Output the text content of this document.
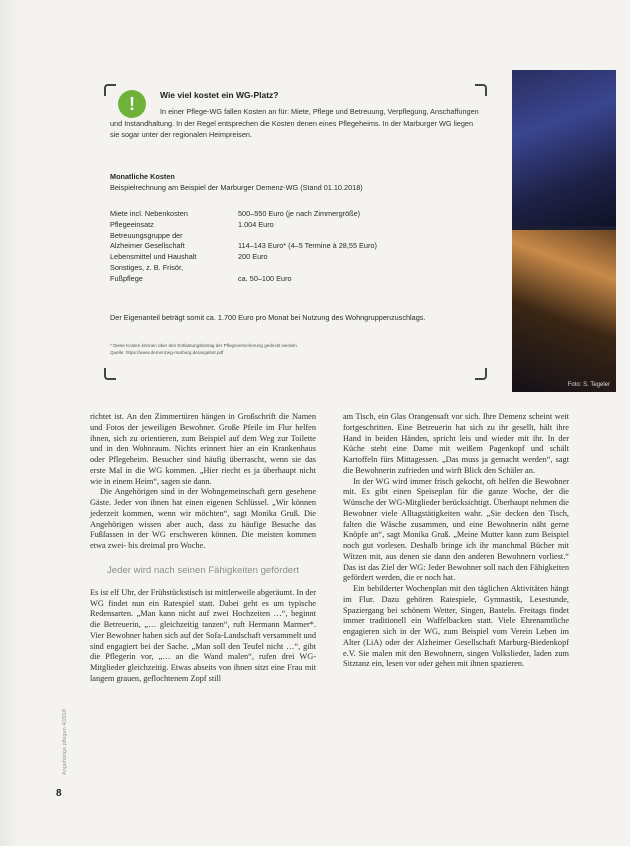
Foto: S. Tegeler
!	Wie viel kostet ein WG-Platz?
In einer Pflege-WG fallen Kosten an für: Miete, Pflege und Betreuung, Verpflegung, Anschaffungen und Instandhaltung. In der Regel entsprechen die Kosten denen eines Pflegeheims. In der Marburger WG liegen sie sogar unter der regionalen Heimpreisen.
Monatliche Kosten
Beispielrechnung am Beispiel der Marburger Demenz-WG (Stand 01.10.2018)
Miete incl. Nebenkosten	500–550 Euro (je nach Zimmergröße)
Pflegeeinsatz	1.004 Euro
Betreuungsgruppe der
Alzheimer Gesellschaft	114–143 Euro* (4–5 Termine à 28,55 Euro)
Lebensmittel und Haushalt	200 Euro
Sonstiges, z. B. Frisör,
Fußpflege	ca. 50–100 Euro
Der Eigenanteil beträgt somit ca. 1.700 Euro pro Monat bei Nutzung des Wohngruppenzuschlags.
* Diese Kosten können über den Entlastungsbetrag der Pflegeversicherung gedeckt werden.
Quelle: https://www.demenzwg-marburg.de/angebot.pdf

richtet ist. An den Zimmertüren hängen in Großschrift die Namen und Fotos der jeweiligen Bewohner. Große Pfeile im Flur helfen ihnen, sich zu orientieren, zum Beispiel auf dem Weg zur Toilette und in den Wohnraum. Nichts erinnert hier an ein Krankenhaus oder Pflegeheim. Besucher sind häufig überrascht, wenn sie das erste Mal in die WG kommen. „Hier riecht es ja überhaupt nicht wie in einem Heim“, sagen sie dann.

Die Angehörigen sind in der Wohngemeinschaft gern gesehene Gäste. Jeder von ihnen hat einen eigenen Schlüssel. „Wir können jederzeit kommen, wenn wir möchten“, sagt Monika Gruß. Die Angehörigen wissen aber auch, dass zu häufige Besuche das Fußfassen in der WG erschweren können. Die meisten kommen etwa zwei- bis dreimal pro Woche.

Jeder wird nach seinen Fähigkeiten gefördert

Es ist elf Uhr, der Frühstückstisch ist mittlerweile abgeräumt. In der WG findet nun ein Ratespiel statt. Dabei geht es um typische Redensarten. „Man kann nicht auf zwei Hochzeiten …“, beginnt die Betreuerin, „… gleichzeitig tanzen“, ruft Hermann Marmer*. Vier Bewohner haben sich auf der Sofa-Landschaft versammelt und sind engagiert bei der Sache. „Man soll den Teufel nicht …“, gibt die Pflegerin vor, „… an die Wand malen“, rufen drei WG-Mitglieder gleichzeitig. Etwas abseits von ihnen sitzt eine Frau mit langem grauen, geflochtenem Zopf still

am Tisch, ein Glas Orangensaft vor sich. Ihre Demenz scheint weit fortgeschritten. Eine Betreuerin hat sich zu ihr gesellt, hält ihre Hand in beiden Händen, spricht leis und wieder mit ihr. In der Küche steht eine Dame mit weißem Pagenkopf und schält Kartoffeln fürs Mittagessen. „Das muss ja gemacht werden“, sagt die Bewohnerin zufrieden und wirft Blick den Schäler an.

In der WG wird immer frisch gekocht, oft helfen die Bewohner mit. Es gibt einen Speiseplan für die ganze Woche, der die Wünsche der WG-Mitglieder berücksichtigt. Überhaupt nehmen die Bewohner viele Alltagstätigkeiten wahr. „Sie decken den Tisch, falten die Wäsche zusammen, und eine Bewohnerin näht gerne Knöpfe an“, sagt Monika Gruß. „Meine Mutter kann zum Beispiel noch gut vorlesen. Deshalb bringe ich ihr manchmal Bücher mit Witzen mit, aus denen sie dann den anderen Bewohnern vorliest.“ Das ist das Ziel der WG: Jeder Bewohner soll nach den Fähigkeiten gefördert werden, die er noch hat.

Ein bebilderter Wochenplan mit den täglichen Aktivitäten hängt im Flur. Dazu gehören Ratespiele, Gymnastik, Lesestunde, Spaziergang bei schönem Wetter, Singen, Basteln. Freitags findet immer traditionell ein Waffelbacken statt. Viele Ehrenamtliche engagieren sich in der WG, zum Beispiel vom Verein Leben im Alter (LiA) oder der Alzheimer Gesellschaft Marburg-Biedenkopf e.V. Sie malen mit den Bewohnern, singen Volkslieder, laden zum Sitztanz ein, lesen vor oder gehen mit ihnen spazieren.

Angehörige pflegen 4/2018
8
